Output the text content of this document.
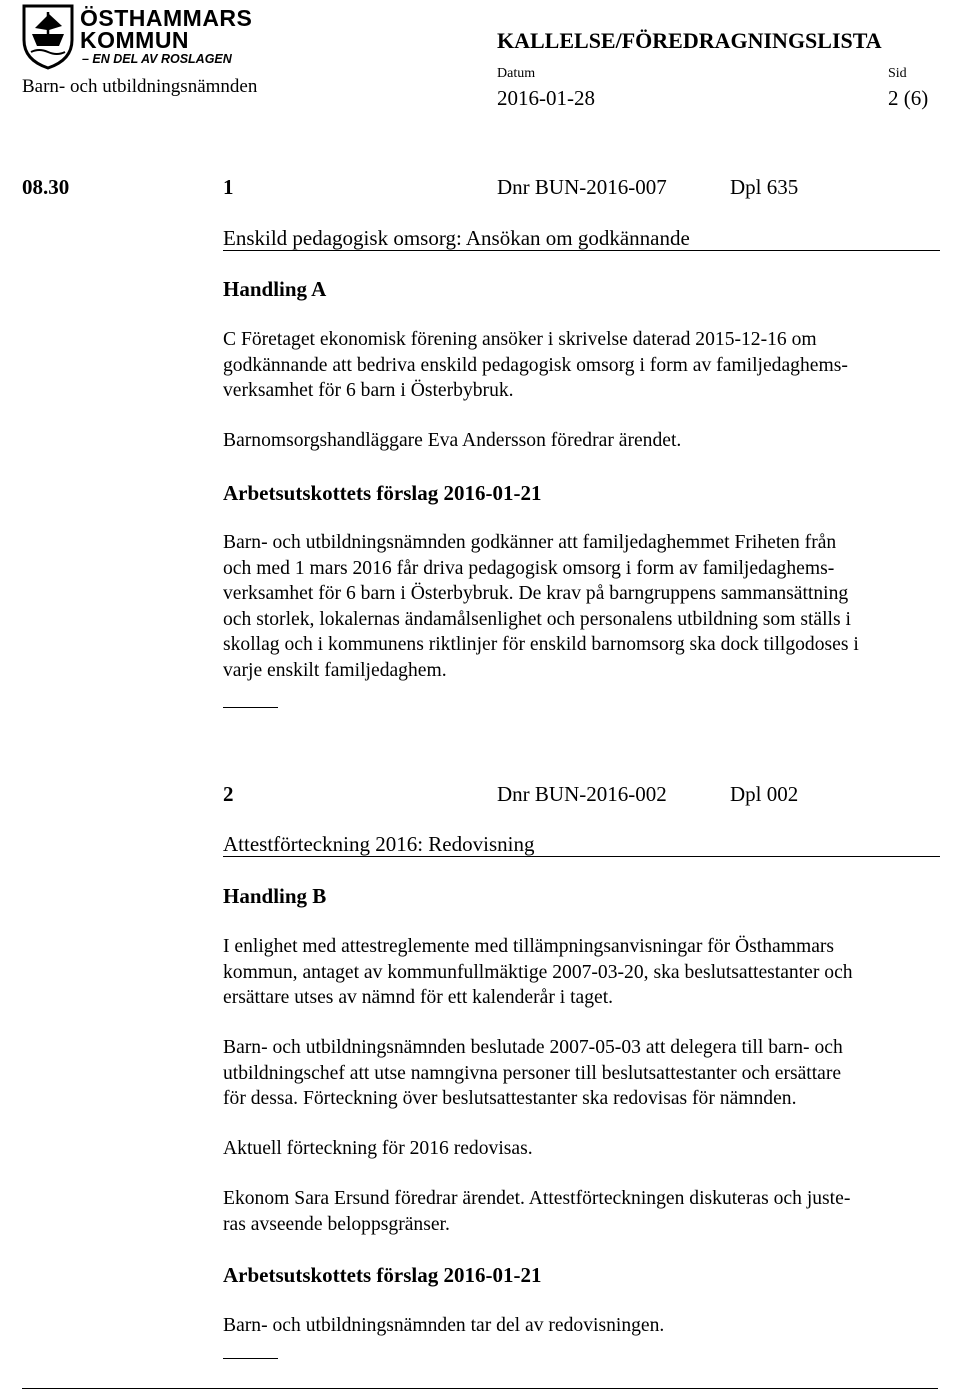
ÖSTHAMMARS
KOMMUN
– EN DEL AV ROSLAGEN
Barn- och utbildningsnämnden
KALLELSE/FÖREDRAGNINGSLISTA
Datum
2016-01-28
Sid
2 (6)
08.30	1	Dnr BUN-2016-007	Dpl 635
Enskild pedagogisk omsorg: Ansökan om godkännande
Handling A
C Företaget ekonomisk förening ansöker i skrivelse daterad 2015-12-16 om
godkännande att bedriva enskild pedagogisk omsorg i form av familjedaghems-
verksamhet för 6 barn i Österbybruk.
Barnomsorgshandläggare Eva Andersson föredrar ärendet.
Arbetsutskottets förslag 2016-01-21
Barn- och utbildningsnämnden godkänner att familjedaghemmet Friheten från
och med 1 mars 2016 får driva pedagogisk omsorg i form av familjedaghems-
verksamhet för 6 barn i Österbybruk. De krav på barngruppens sammansättning
och storlek, lokalernas ändamålsenlighet och personalens utbildning som ställs i
skollag och i kommunens riktlinjer för enskild barnomsorg ska dock tillgodoses i
varje enskilt familjedaghem.
2	Dnr BUN-2016-002	Dpl 002
Attestförteckning 2016: Redovisning
Handling B
I enlighet med attestreglemente med tillämpningsanvisningar för Östhammars
kommun, antaget av kommunfullmäktige 2007-03-20, ska beslutsattestanter och
ersättare utses av nämnd för ett kalenderår i taget.
Barn- och utbildningsnämnden beslutade 2007-05-03 att delegera till barn- och
utbildningschef att utse namngivna personer till beslutsattestanter och ersättare
för dessa. Förteckning över beslutsattestanter ska redovisas för nämnden.
Aktuell förteckning för 2016 redovisas.
Ekonom Sara Ersund föredrar ärendet. Attestförteckningen diskuteras och juste-
ras avseende beloppsgränser.
Arbetsutskottets förslag 2016-01-21
Barn- och utbildningsnämnden tar del av redovisningen.
